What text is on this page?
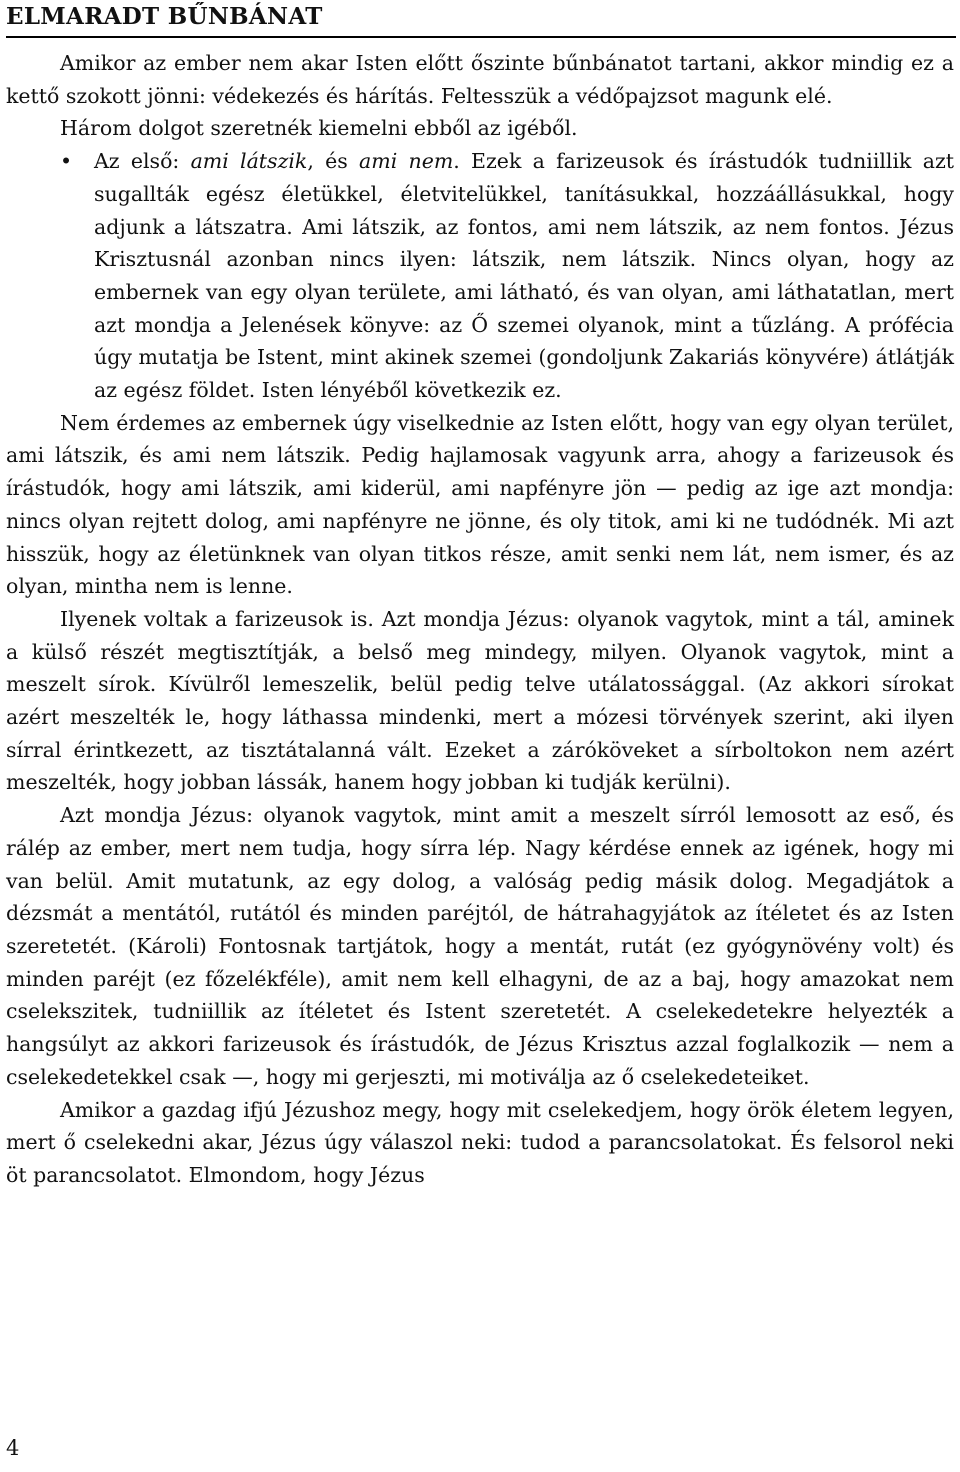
ELMARADT BŰNBÁNAT

Amikor az ember nem akar Isten előtt őszinte bűnbánatot tartani, akkor mindig ez a kettő szokott jönni: védekezés és hárítás. Feltesszük a védőpajzsot magunk elé.

Három dolgot szeretnék kiemelni ebből az igéből.

•	Az első: ami látszik, és ami nem. Ezek a farizeusok és írástudók tudniillik azt sugallták egész életükkel, életvitelükkel, tanításukkal, hozzáállásukkal, hogy adjunk a látszatra. Ami látszik, az fontos, ami nem látszik, az nem fontos. Jézus Krisztusnál azonban nincs ilyen: látszik, nem látszik. Nincs olyan, hogy az embernek van egy olyan területe, ami látható, és van olyan, ami láthatatlan, mert azt mondja a Jelenések könyve: az Ő szemei olyanok, mint a tűzláng. A prófécia úgy mutatja be Istent, mint akinek szemei (gondoljunk Zakariás könyvére) átlátják az egész földet. Isten lényéből következik ez.

Nem érdemes az embernek úgy viselkednie az Isten előtt, hogy van egy olyan terület, ami látszik, és ami nem látszik. Pedig hajlamosak vagyunk arra, ahogy a farizeusok és írástudók, hogy ami látszik, ami kiderül, ami napfényre jön — pedig az ige azt mondja: nincs olyan rejtett dolog, ami napfényre ne jönne, és oly titok, ami ki ne tudódnék. Mi azt hisszük, hogy az életünknek van olyan titkos része, amit senki nem lát, nem ismer, és az olyan, mintha nem is lenne.

Ilyenek voltak a farizeusok is. Azt mondja Jézus: olyanok vagytok, mint a tál, aminek a külső részét megtisztítják, a belső meg mindegy, milyen. Olyanok vagytok, mint a meszelt sírok. Kívülről lemeszelik, belül pedig telve utálatossággal. (Az akkori sírokat azért meszelték le, hogy láthassa mindenki, mert a mózesi törvények szerint, aki ilyen sírral érintkezett, az tisztátalanná vált. Ezeket a záróköveket a sírboltokon nem azért meszelték, hogy jobban lássák, hanem hogy jobban ki tudják kerülni).

Azt mondja Jézus: olyanok vagytok, mint amit a meszelt sírról lemosott az eső, és rálép az ember, mert nem tudja, hogy sírra lép. Nagy kérdése ennek az igének, hogy mi van belül. Amit mutatunk, az egy dolog, a valóság pedig másik dolog. Megadjátok a dézsmát a mentától, rutától és minden paréjtól, de hátrahagyjátok az ítéletet és az Isten szeretetét. (Károli) Fontosnak tartjátok, hogy a mentát, rutát (ez gyógynövény volt) és minden paréjt (ez főzelékféle), amit nem kell elhagyni, de az a baj, hogy amazokat nem cselekszitek, tudniillik az ítéletet és Istent szeretetét. A cselekedetekre helyezték a hangsúlyt az akkori farizeusok és írástudók, de Jézus Krisztus azzal foglalkozik — nem a cselekedetekkel csak —, hogy mi gerjeszti, mi motiválja az ő cselekedeteiket.

Amikor a gazdag ifjú Jézushoz megy, hogy mit cselekedjem, hogy örök életem legyen, mert ő cselekedni akar, Jézus úgy válaszol neki: tudod a parancsolatokat. És felsorol neki öt parancsolatot. Elmondom, hogy Jézus

4
